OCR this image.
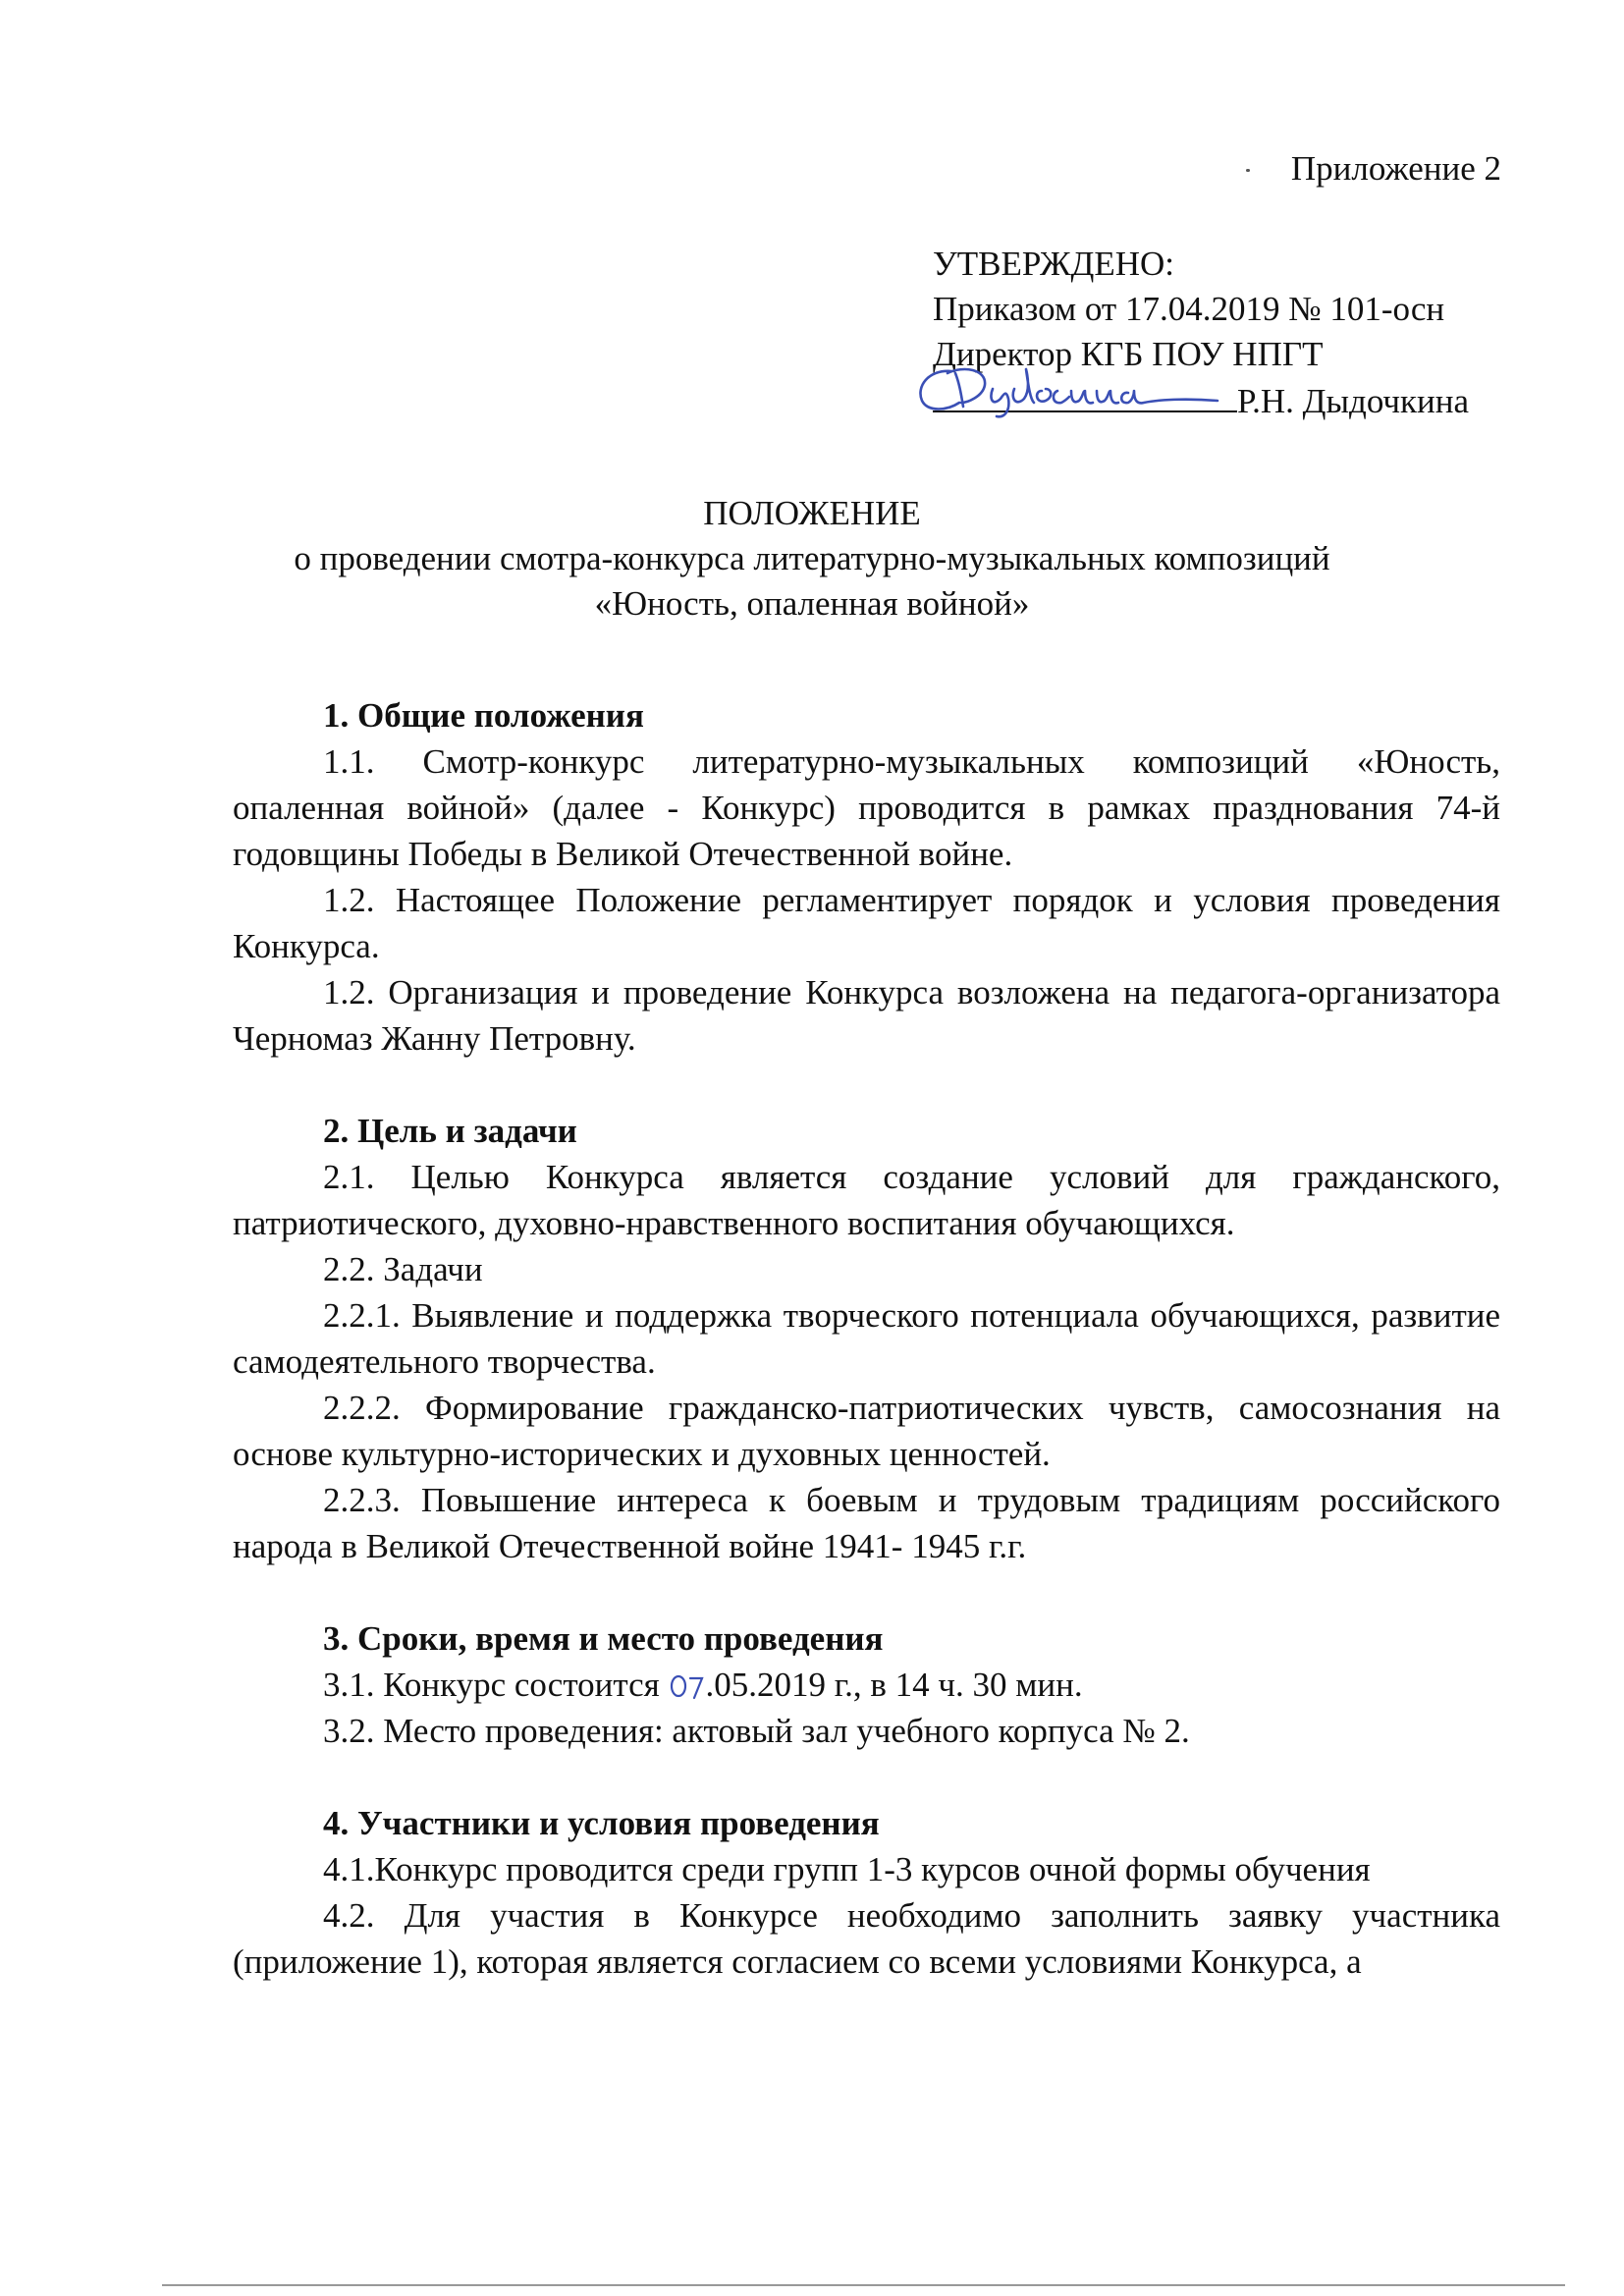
Приложение 2
УТВЕРЖДЕНО:
Приказом от 17.04.2019 № 101-осн
Директор КГБ ПОУ НПГТ
Р.Н. Дыдочкина
ПОЛОЖЕНИЕ
о проведении смотра-конкурса литературно-музыкальных композиций
«Юность, опаленная войной»
1. Общие положения
1.1. Смотр-конкурс литературно-музыкальных композиций «Юность, опаленная войной» (далее - Конкурс) проводится в рамках празднования 74-й годовщины Победы в Великой Отечественной войне.
1.2. Настоящее Положение регламентирует порядок и условия проведения Конкурса.
1.2. Организация и проведение Конкурса возложена на педагога-организатора Черномаз Жанну Петровну.
2. Цель и задачи
2.1. Целью Конкурса является создание условий для гражданского, патриотического, духовно-нравственного воспитания обучающихся.
2.2. Задачи
2.2.1. Выявление и поддержка творческого потенциала обучающихся, развитие самодеятельного творчества.
2.2.2. Формирование гражданско-патриотических чувств, самосознания на основе культурно-исторических и духовных ценностей.
2.2.3. Повышение интереса к боевым и трудовым традициям российского народа в Великой Отечественной войне 1941- 1945 г.г.
3. Сроки, время и место проведения
3.1. Конкурс состоится .05.2019 г., в 14 ч. 30 мин.
3.2. Место проведения: актовый зал учебного корпуса № 2.
4. Участники и условия проведения
4.1.Конкурс проводится среди групп 1-3 курсов очной формы обучения
4.2. Для участия в Конкурсе необходимо заполнить заявку участника (приложение 1), которая является согласием со всеми условиями Конкурса, а
